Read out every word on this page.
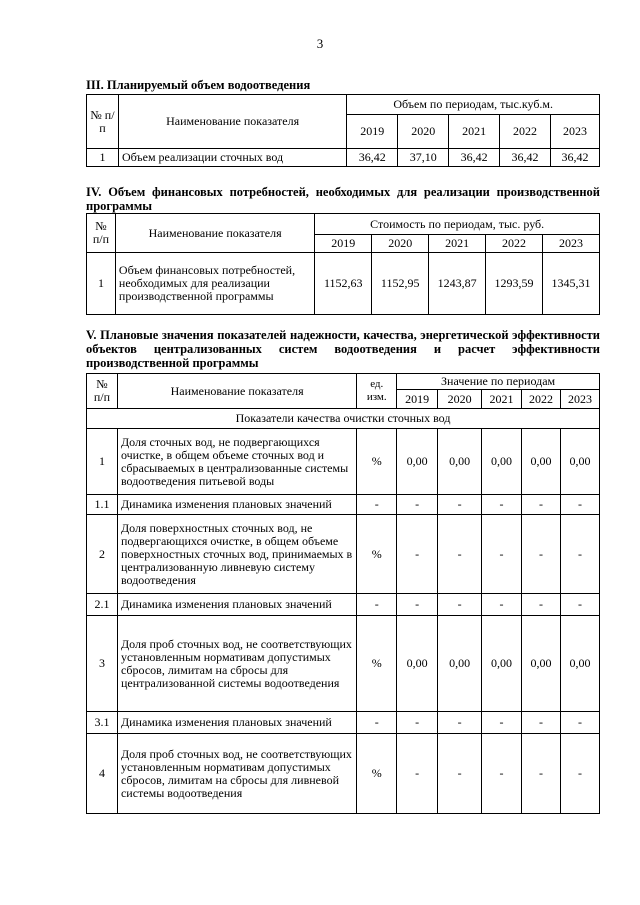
3
III. Планируемый объем водоотведения
№ п/п	Наименование показателя	Объем по периодам, тыс.куб.м.				
		2019	2020	2021	2022	2023
1	Объем реализации сточных вод	36,42	37,10	36,42	36,42	36,42
IV. Объем финансовых потребностей, необходимых для реализации производственной программы
№ п/п	Наименование показателя	Стоимость по периодам, тыс. руб.				
		2019	2020	2021	2022	2023
1	Объем финансовых потребностей, необходимых для реализации производственной программы	1152,63	1152,95	1243,87	1293,59	1345,31
V. Плановые значения показателей надежности, качества, энергетической эффективности объектов централизованных систем водоотведения и расчет эффективности производственной программы
№ п/п	Наименование показателя	ед. изм.	Значение по периодам				
			2019	2020	2021	2022	2023
Показатели качества очистки сточных вод							
1	Доля сточных вод, не подвергающихся очистке, в общем объеме сточных вод и сбрасываемых в централизованные системы водоотведения питьевой воды	%	0,00	0,00	0,00	0,00	0,00
1.1	Динамика изменения плановых значений	-	-	-	-	-	-
2	Доля поверхностных сточных вод, не подвергающихся очистке, в общем объеме поверхностных сточных вод, принимаемых в централизованную ливневую систему водоотведения	%	-	-	-	-	-
2.1	Динамика изменения плановых значений	-	-	-	-	-	-
3	Доля проб сточных вод, не соответствующих установленным нормативам допустимых сбросов, лимитам на сбросы для централизованной системы водоотведения	%	0,00	0,00	0,00	0,00	0,00
3.1	Динамика изменения плановых значений	-	-	-	-	-	-
4	Доля проб сточных вод, не соответствующих установленным нормативам допустимых сбросов, лимитам на сбросы для ливневой системы водоотведения	%	-	-	-	-	-
